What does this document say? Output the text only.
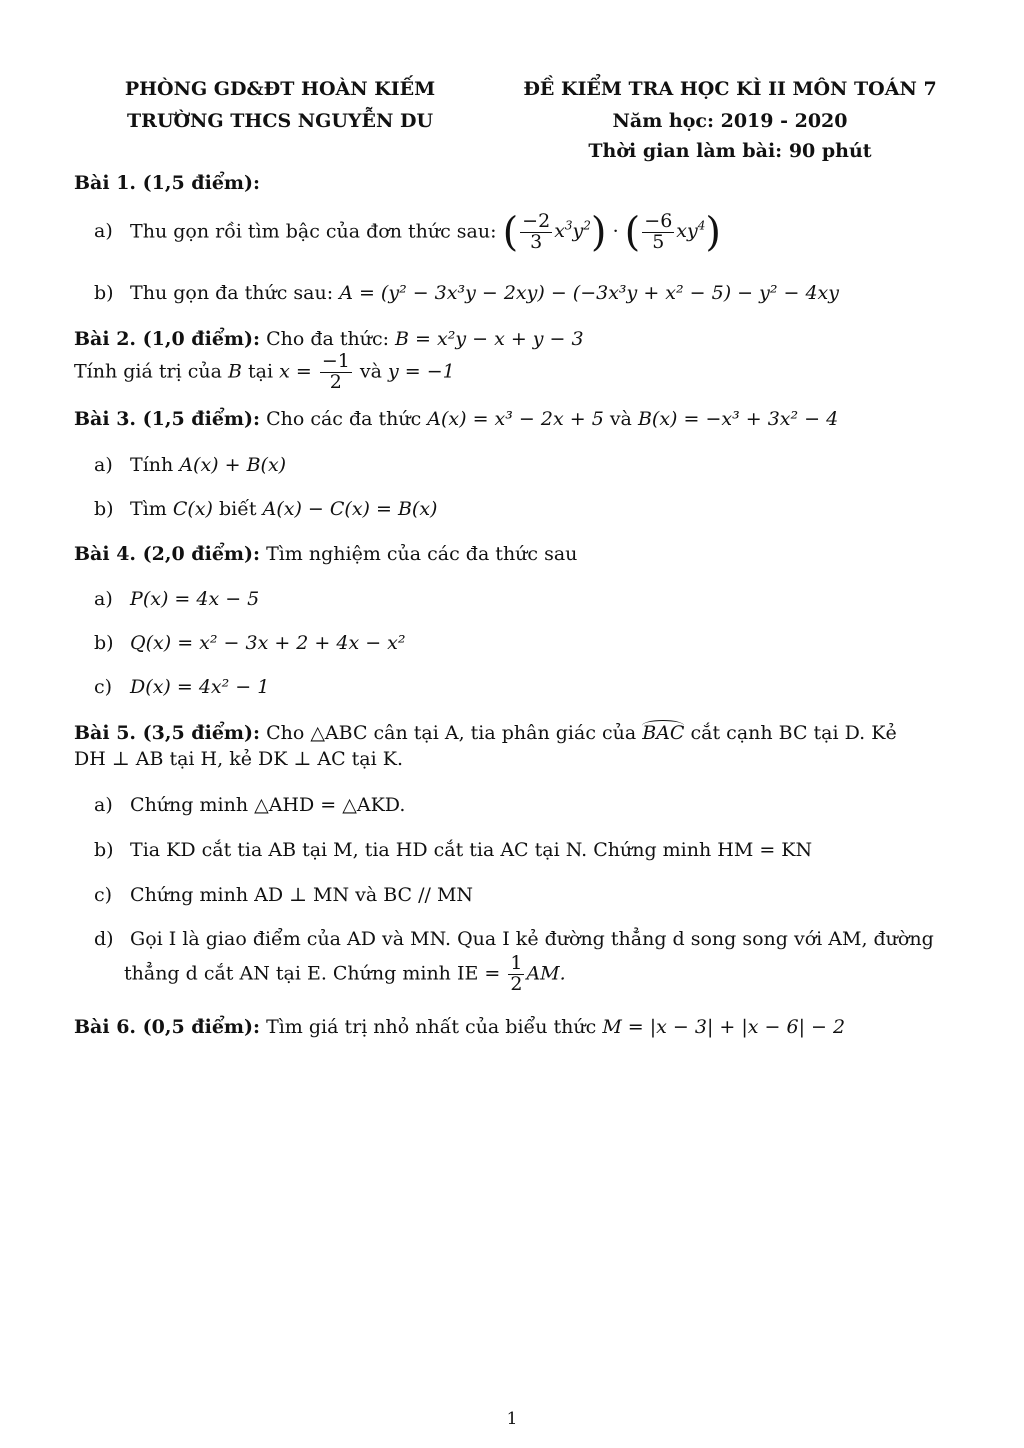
PHÒNG GD&ĐT HOÀN KIẾM
TRƯỜNG THCS NGUYỄN DU
ĐỀ KIỂM TRA HỌC KÌ II MÔN TOÁN 7
Năm học: 2019 - 2020
Thời gian làm bài: 90 phút
Bài 1. (1,5 điểm):
a) Thu gọn rồi tìm bậc của đơn thức sau: ( $\frac{-2}{3} x^3y^2$) · ( $\frac{-6}{5} xy^4$)
b) Thu gọn đa thức sau: A = (y² − 3x³y − 2xy) − (−3x³y + x² − 5) − y² − 4xy
Bài 2. (1,0 điểm): Cho đa thức: B = x²y − x + y − 3
Tính giá trị của B tại $x = \frac{-1}{2}$ và y = −1
Bài 3. (1,5 điểm): Cho các đa thức A(x) = x³ − 2x + 5 và B(x) = −x³ + 3x² − 4
a) Tính A(x) + B(x)
b) Tìm C(x) biết A(x) − C(x) = B(x)
Bài 4. (2,0 điểm): Tìm nghiệm của các đa thức sau
a) P(x) = 4x − 5
b) Q(x) = x² − 3x + 2 + 4x − x²
c) D(x) = 4x² − 1
Bài 5. (3,5 điểm): Cho △ABC cân tại A, tia phân giác của BAC cắt cạnh BC tại D. Kẻ
DH ⊥ AB tại H, kẻ DK ⊥ AC tại K.
a) Chứng minh △AHD = △AKD.
b) Tia KD cắt tia AB tại M, tia HD cắt tia AC tại N. Chứng minh HM = KN
c) Chứng minh AD ⊥ MN và BC // MN
d) Gọi I là giao điểm của AD và MN. Qua I kẻ đường thẳng d song song với AM, đường
thẳng d cắt AN tại E. Chứng minh IE = $\frac{1}{2}$ AM.
Bài 6. (0,5 điểm): Tìm giá trị nhỏ nhất của biểu thức M = |x − 3| + |x − 6| − 2
1
